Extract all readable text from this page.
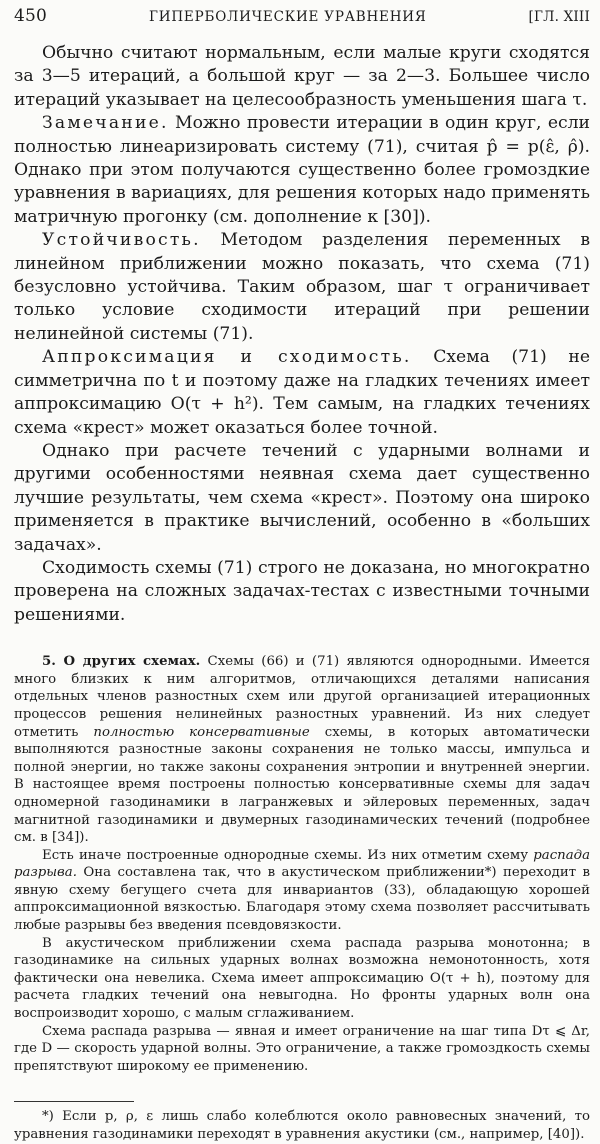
450	ГИПЕРБОЛИЧЕСКИЕ УРАВНЕНИЯ	[ГЛ. XIII

Обычно считают нормальным, если малые круги сходятся за 3—5 итераций, а большой круг — за 2—3. Большее число итераций указывает на целесообразность уменьшения шага τ.

Замечание. Можно провести итерации в один круг, если полностью линеаризировать систему (71), считая p̂ = p(ε̂, ρ̂). Однако при этом получаются существенно более громоздкие уравнения в вариациях, для решения которых надо применять матричную прогонку (см. дополнение к [30]).

Устойчивость. Методом разделения переменных в линейном приближении можно показать, что схема (71) безусловно устойчива. Таким образом, шаг τ ограничивает только условие сходимости итераций при решении нелинейной системы (71).

Аппроксимация и сходимость. Схема (71) не симметрична по t и поэтому даже на гладких течениях имеет аппроксимацию O(τ + h²). Тем самым, на гладких течениях схема «крест» может оказаться более точной.

Однако при расчете течений с ударными волнами и другими особенностями неявная схема дает существенно лучшие результаты, чем схема «крест». Поэтому она широко применяется в практике вычислений, особенно в «больших задачах».

Сходимость схемы (71) строго не доказана, но многократно проверена на сложных задачах-тестах с известными точными решениями.

5. О других схемах. Схемы (66) и (71) являются однородными. Имеется много близких к ним алгоритмов, отличающихся деталями написания отдельных членов разностных схем или другой организацией итерационных процессов решения нелинейных разностных уравнений. Из них следует отметить полностью консервативные схемы, в которых автоматически выполняются разностные законы сохранения не только массы, импульса и полной энергии, но также законы сохранения энтропии и внутренней энергии. В настоящее время построены полностью консервативные схемы для задач одномерной газодинамики в лагранжевых и эйлеровых переменных, задач магнитной газодинамики и двумерных газодинамических течений (подробнее см. в [34]).

Есть иначе построенные однородные схемы. Из них отметим схему распада разрыва. Она составлена так, что в акустическом приближении*) переходит в явную схему бегущего счета для инвариантов (33), обладающую хорошей аппроксимационной вязкостью. Благодаря этому схема позволяет рассчитывать любые разрывы без введения псевдовязкости.

В акустическом приближении схема распада разрыва монотонна; в газодинамике на сильных ударных волнах возможна немонотонность, хотя фактически она невелика. Схема имеет аппроксимацию O(τ + h), поэтому для расчета гладких течений она невыгодна. Но фронты ударных волн она воспроизводит хорошо, с малым сглаживанием.

Схема распада разрыва — явная и имеет ограничение на шаг типа Dτ ⩽ Δr, где D — скорость ударной волны. Это ограничение, а также громоздкость схемы препятствуют широкому ее применению.

*) Если p, ρ, ε лишь слабо колеблются около равновесных значений, то уравнения газодинамики переходят в уравнения акустики (см., например, [40]).
